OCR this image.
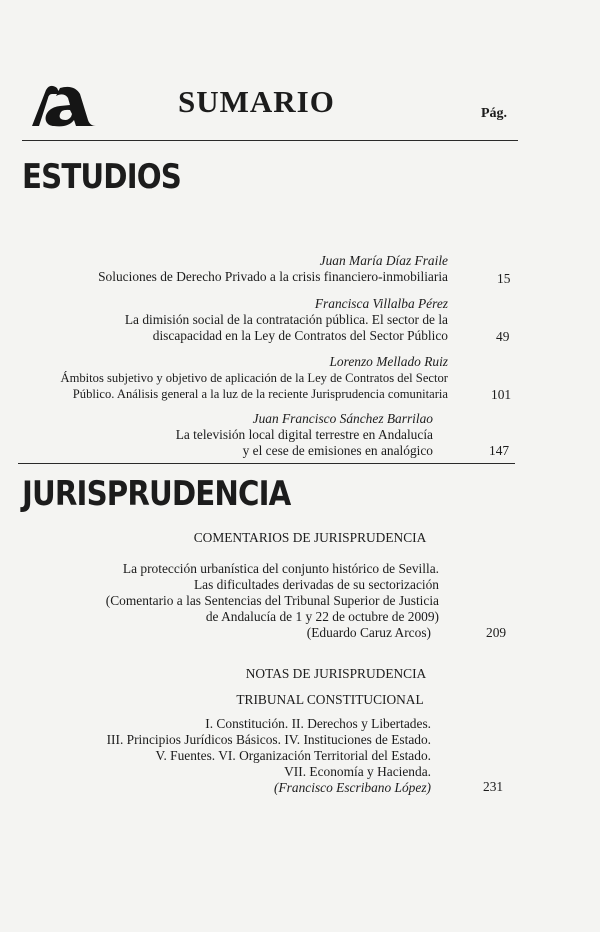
SUMARIO	Pág.
ESTUDIOS
Juan María Díaz Fraile
Soluciones de Derecho Privado a la crisis financiero-inmobiliaria	15
Francisca Villalba Pérez
La dimisión social de la contratación pública. El sector de la
discapacidad en la Ley de Contratos del Sector Público	49
Lorenzo Mellado Ruiz
Ámbitos subjetivo y objetivo de aplicación de la Ley de Contratos del Sector
Público. Análisis general a la luz de la reciente Jurisprudencia comunitaria	101
Juan Francisco Sánchez Barrilao
La televisión local digital terrestre en Andalucía
y el cese de emisiones en analógico	147
JURISPRUDENCIA
COMENTARIOS DE JURISPRUDENCIA
La protección urbanística del conjunto histórico de Sevilla.
Las dificultades derivadas de su sectorización
(Comentario a las Sentencias del Tribunal Superior de Justicia
de Andalucía de 1 y 22 de octubre de 2009)
(Eduardo Caruz Arcos)	209
NOTAS DE JURISPRUDENCIA
TRIBUNAL CONSTITUCIONAL
I. Constitución. II. Derechos y Libertades.
III. Principios Jurídicos Básicos. IV. Instituciones de Estado.
V. Fuentes. VI. Organización Territorial del Estado.
VII. Economía y Hacienda.
(Francisco Escribano López)	231
